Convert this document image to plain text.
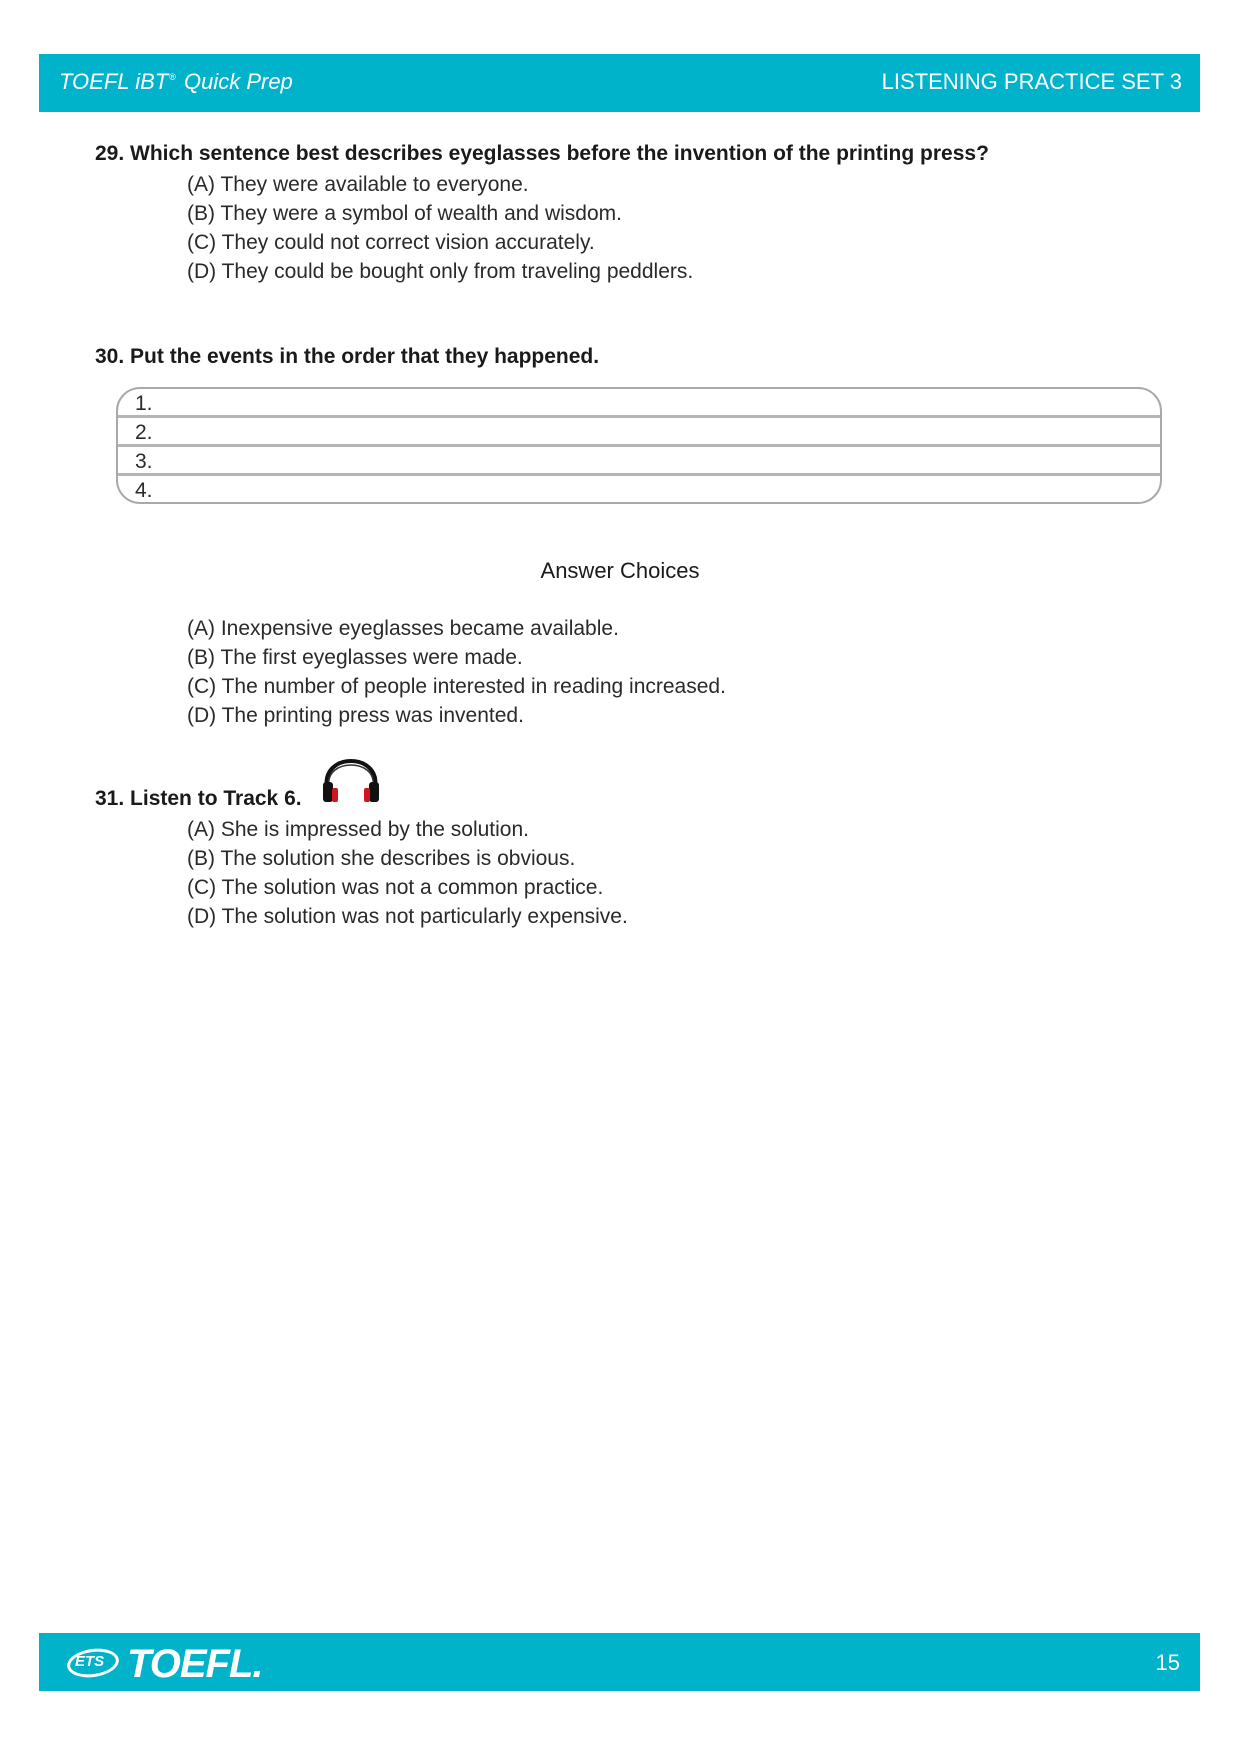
TOEFL iBT® Quick Prep	LISTENING PRACTICE SET 3
29. Which sentence best describes eyeglasses before the invention of the printing press?
(A) They were available to everyone.
(B) They were a symbol of wealth and wisdom.
(C) They could not correct vision accurately.
(D) They could be bought only from traveling peddlers.
30. Put the events in the order that they happened.
1.
2.
3.
4.
Answer Choices
(A) Inexpensive eyeglasses became available.
(B) The first eyeglasses were made.
(C) The number of people interested in reading increased.
(D) The printing press was invented.
31. Listen to Track 6.
(A) She is impressed by the solution.
(B) The solution she describes is obvious.
(C) The solution was not a common practice.
(D) The solution was not particularly expensive.
ETS TOEFL.	15
